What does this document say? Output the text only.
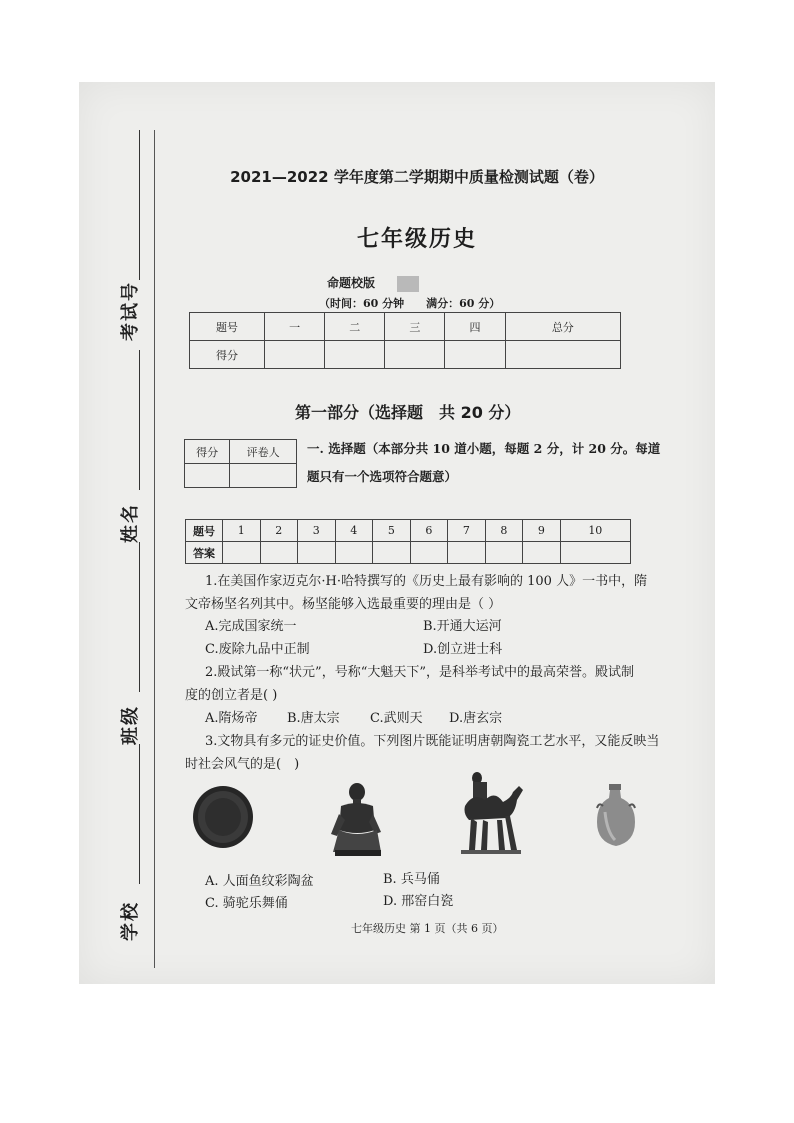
考试号
姓名
班级
学校
2021—2022 学年度第二学期期中质量检测试题（卷）
七年级历史
命题校版
（时间：60 分钟　　满分：60 分）
题号	一	二	三	四	总分
得分					
第一部分（选择题　共 20 分）
得分	评卷人
	一. 选择题（本部分共 10 道小题，每题 2 分，计 20 分。每道
题只有一个选项符合题意）
题号	1	2	3	4	5	6	7	8	9	10
答案										
1.在美国作家迈克尔·H·哈特撰写的《历史上最有影响的 100 人》一书中，隋
文帝杨坚名列其中。杨坚能够入选最重要的理由是（ ）
A.完成国家统一	B.开通大运河
C.废除九品中正制	D.创立进士科
2.殿试第一称“状元”，号称“大魁天下”，是科举考试中的最高荣誉。殿试制
度的创立者是( )
A.隋炀帝 B.唐太宗 C.武则天 D.唐玄宗
3.文物具有多元的证史价值。下列图片既能证明唐朝陶瓷工艺水平，又能反映当
时社会风气的是(　)
A. 人面鱼纹彩陶盆	B. 兵马俑
C. 骑驼乐舞俑	D. 邢窑白瓷
七年级历史 第 1 页（共 6 页）
